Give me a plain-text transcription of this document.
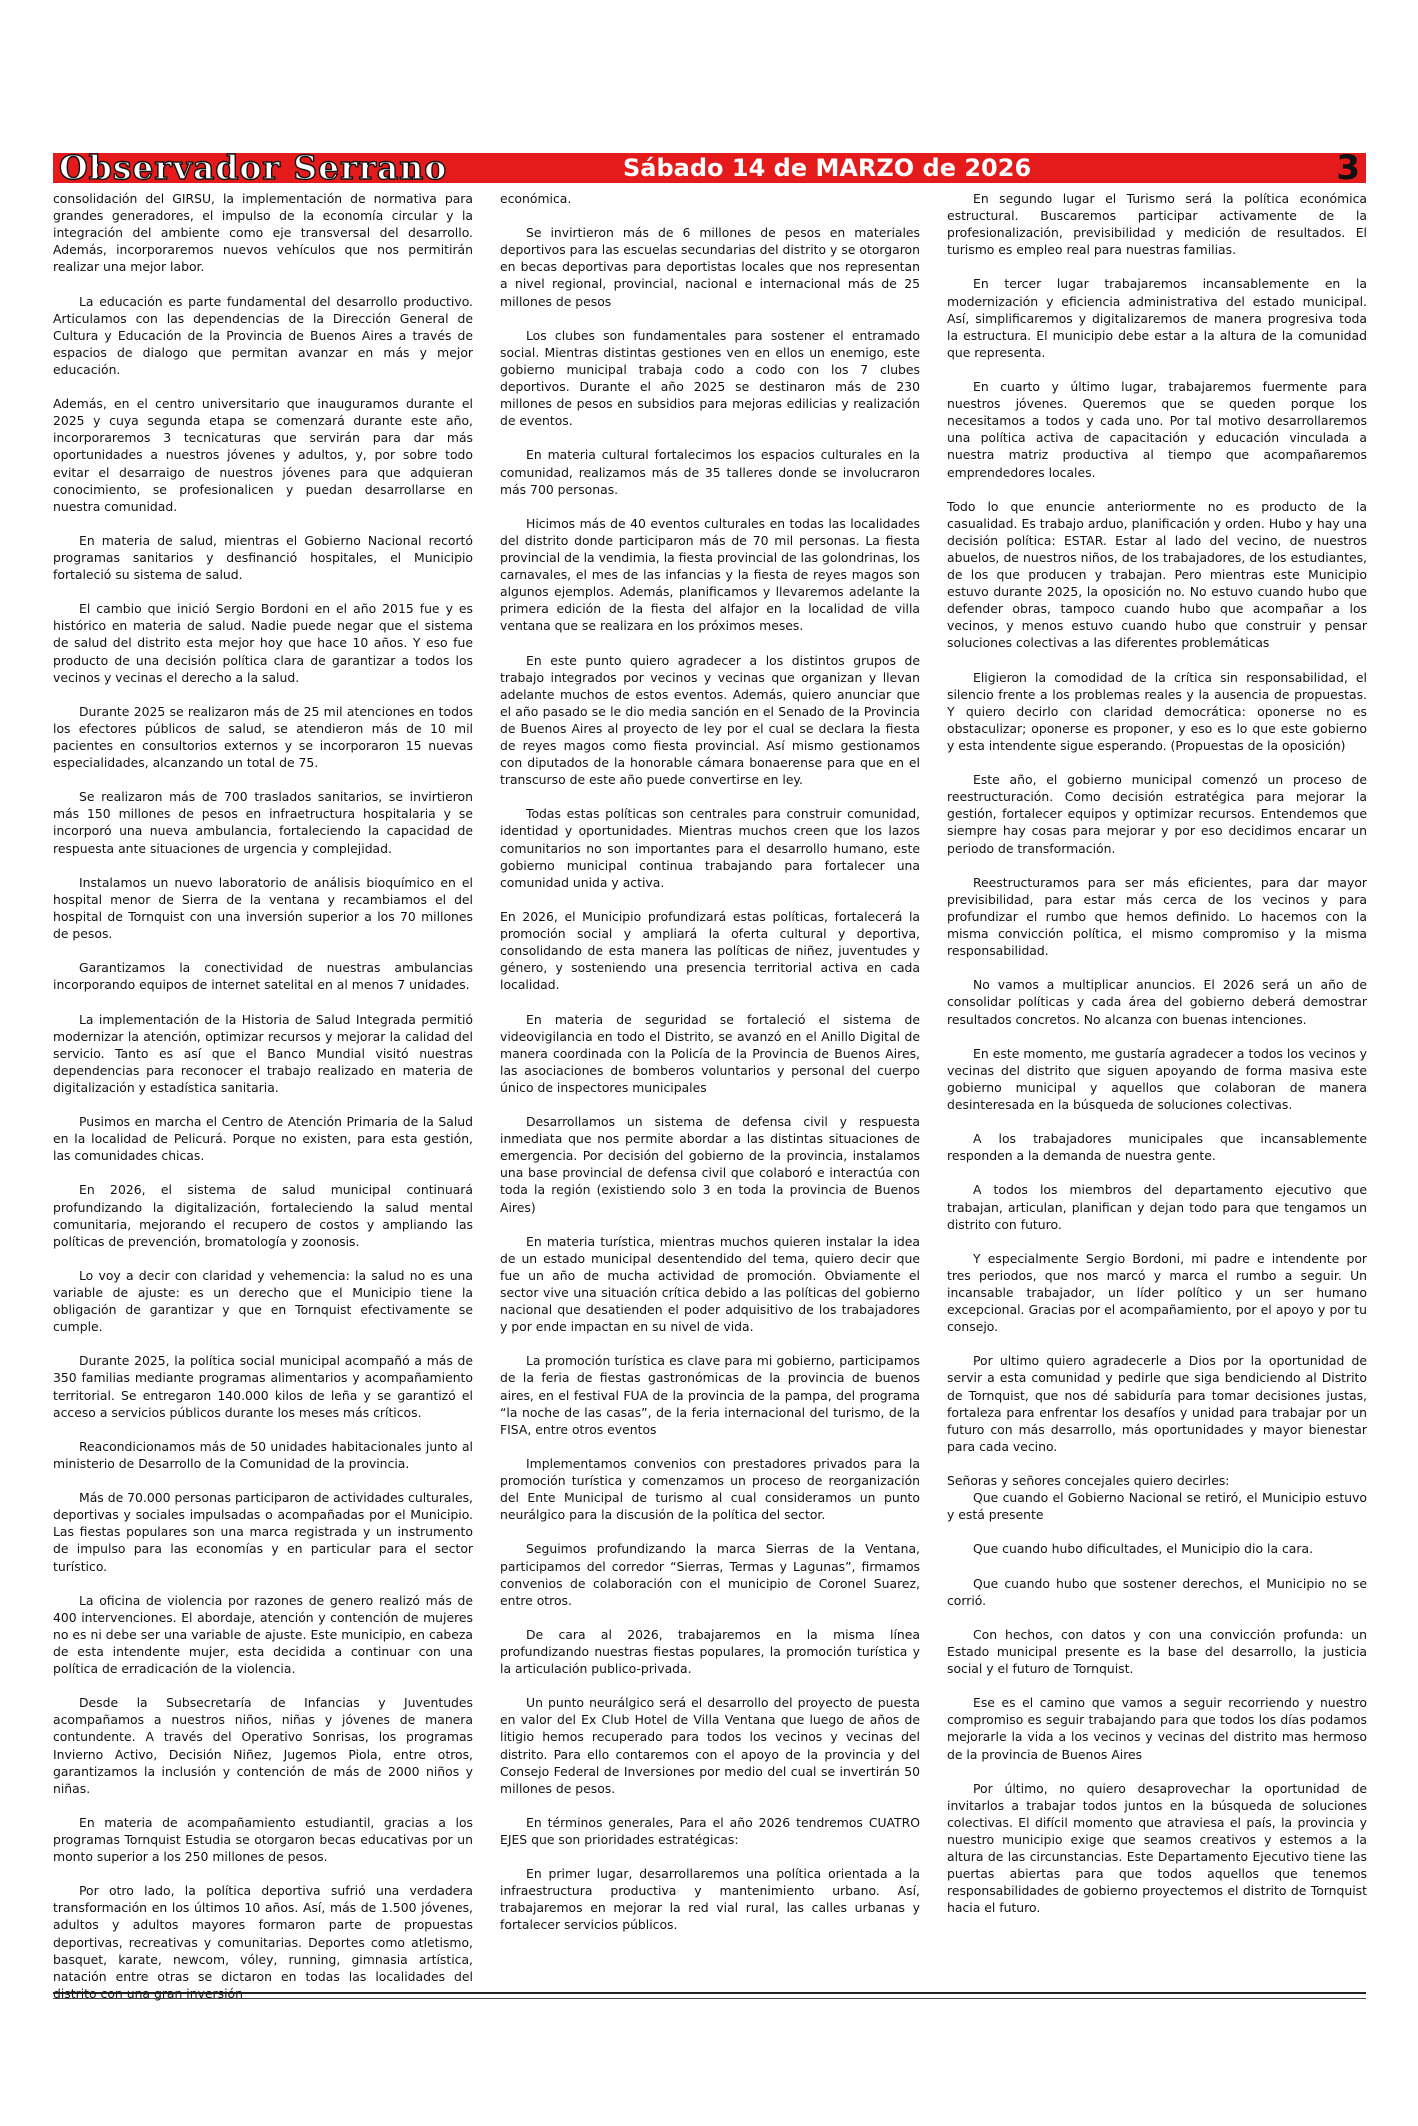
Observador Serrano	Sábado 14 de MARZO de 2026	3

consolidación del GIRSU, la implementación de normativa para grandes generadores, el impulso de la economía circular y la integración del ambiente como eje transversal del desarrollo. Además, incorporaremos nuevos vehículos que nos permitirán realizar una mejor labor.

La educación es parte fundamental del desarrollo productivo. Articulamos con las dependencias de la Dirección General de Cultura y Educación de la Provincia de Buenos Aires a través de espacios de dialogo que permitan avanzar en más y mejor educación.

Además, en el centro universitario que inauguramos durante el 2025 y cuya segunda etapa se comenzará durante este año, incorporaremos 3 tecnicaturas que servirán para dar más oportunidades a nuestros jóvenes y adultos, y, por sobre todo evitar el desarraigo de nuestros jóvenes para que adquieran conocimiento, se profesionalicen y puedan desarrollarse en nuestra comunidad.

En materia de salud, mientras el Gobierno Nacional recortó programas sanitarios y desfinanció hospitales, el Municipio fortaleció su sistema de salud.

El cambio que inició Sergio Bordoni en el año 2015 fue y es histórico en materia de salud. Nadie puede negar que el sistema de salud del distrito esta mejor hoy que hace 10 años. Y eso fue producto de una decisión política clara de garantizar a todos los vecinos y vecinas el derecho a la salud.

Durante 2025 se realizaron más de 25 mil atenciones en todos los efectores públicos de salud, se atendieron más de 10 mil pacientes en consultorios externos y se incorporaron 15 nuevas especialidades, alcanzando un total de 75.

Se realizaron más de 700 traslados sanitarios, se invirtieron más 150 millones de pesos en infraetructura hospitalaria y se incorporó una nueva ambulancia, fortaleciendo la capacidad de respuesta ante situaciones de urgencia y complejidad.

Instalamos un nuevo laboratorio de análisis bioquímico en el hospital menor de Sierra de la ventana y recambiamos el del hospital de Tornquist con una inversión superior a los 70 millones de pesos.

Garantizamos la conectividad de nuestras ambulancias incorporando equipos de internet satelital en al menos 7 unidades.

La implementación de la Historia de Salud Integrada permitió modernizar la atención, optimizar recursos y mejorar la calidad del servicio. Tanto es así que el Banco Mundial visitó nuestras dependencias para reconocer el trabajo realizado en materia de digitalización y estadística sanitaria.

Pusimos en marcha el Centro de Atención Primaria de la Salud en la localidad de Pelicurá. Porque no existen, para esta gestión, las comunidades chicas.

En 2026, el sistema de salud municipal continuará profundizando la digitalización, fortaleciendo la salud mental comunitaria, mejorando el recupero de costos y ampliando las políticas de prevención, bromatología y zoonosis.

Lo voy a decir con claridad y vehemencia: la salud no es una variable de ajuste: es un derecho que el Municipio tiene la obligación de garantizar y que en Tornquist efectivamente se cumple.

Durante 2025, la política social municipal acompañó a más de 350 familias mediante programas alimentarios y acompañamiento territorial. Se entregaron 140.000 kilos de leña y se garantizó el acceso a servicios públicos durante los meses más críticos.

Reacondicionamos más de 50 unidades habitacionales junto al ministerio de Desarrollo de la Comunidad de la provincia.

Más de 70.000 personas participaron de actividades culturales, deportivas y sociales impulsadas o acompañadas por el Municipio. Las fiestas populares son una marca registrada y un instrumento de impulso para las economías y en particular para el sector turístico.

La oficina de violencia por razones de genero realizó más de 400 intervenciones. El abordaje, atención y contención de mujeres no es ni debe ser una variable de ajuste. Este municipio, en cabeza de esta intendente mujer, esta decidida a continuar con una política de erradicación de la violencia.

Desde la Subsecretaría de Infancias y Juventudes acompañamos a nuestros niños, niñas y jóvenes de manera contundente. A través del Operativo Sonrisas, los programas Invierno Activo, Decisión Niñez, Jugemos Piola, entre otros, garantizamos la inclusión y contención de más de 2000 niños y niñas.

En materia de acompañamiento estudiantil, gracias a los programas Tornquist Estudia se otorgaron becas educativas por un monto superior a los 250 millones de pesos.

Por otro lado, la política deportiva sufrió una verdadera transformación en los últimos 10 años. Así, más de 1.500 jóvenes, adultos y adultos mayores formaron parte de propuestas deportivas, recreativas y comunitarias. Deportes como atletismo, basquet, karate, newcom, vóley, running, gimnasia artística, natación entre otras se dictaron en todas las localidades del distrito con una gran inversión

económica.

Se invirtieron más de 6 millones de pesos en materiales deportivos para las escuelas secundarias del distrito y se otorgaron en becas deportivas para deportistas locales que nos representan a nivel regional, provincial, nacional e internacional más de 25 millones de pesos

Los clubes son fundamentales para sostener el entramado social. Mientras distintas gestiones ven en ellos un enemigo, este gobierno municipal trabaja codo a codo con los 7 clubes deportivos. Durante el año 2025 se destinaron más de 230 millones de pesos en subsidios para mejoras edilicias y realización de eventos.

En materia cultural fortalecimos los espacios culturales en la comunidad, realizamos más de 35 talleres donde se involucraron más 700 personas.

Hicimos más de 40 eventos culturales en todas las localidades del distrito donde participaron más de 70 mil personas. La fiesta provincial de la vendimia, la fiesta provincial de las golondrinas, los carnavales, el mes de las infancias y la fiesta de reyes magos son algunos ejemplos. Además, planificamos y llevaremos adelante la primera edición de la fiesta del alfajor en la localidad de villa ventana que se realizara en los próximos meses.

En este punto quiero agradecer a los distintos grupos de trabajo integrados por vecinos y vecinas que organizan y llevan adelante muchos de estos eventos. Además, quiero anunciar que el año pasado se le dio media sanción en el Senado de la Provincia de Buenos Aires al proyecto de ley por el cual se declara la fiesta de reyes magos como fiesta provincial. Así mismo gestionamos con diputados de la honorable cámara bonaerense para que en el transcurso de este año puede convertirse en ley.

Todas estas políticas son centrales para construir comunidad, identidad y oportunidades. Mientras muchos creen que los lazos comunitarios no son importantes para el desarrollo humano, este gobierno municipal continua trabajando para fortalecer una comunidad unida y activa.

En 2026, el Municipio profundizará estas políticas, fortalecerá la promoción social y ampliará la oferta cultural y deportiva, consolidando de esta manera las políticas de niñez, juventudes y género, y sosteniendo una presencia territorial activa en cada localidad.

En materia de seguridad se fortaleció el sistema de videovigilancia en todo el Distrito, se avanzó en el Anillo Digital de manera coordinada con la Policía de la Provincia de Buenos Aires, las asociaciones de bomberos voluntarios y personal del cuerpo único de inspectores municipales

Desarrollamos un sistema de defensa civil y respuesta inmediata que nos permite abordar a las distintas situaciones de emergencia. Por decisión del gobierno de la provincia, instalamos una base provincial de defensa civil que colaboró e interactúa con toda la región (existiendo solo 3 en toda la provincia de Buenos Aires)

En materia turística, mientras muchos quieren instalar la idea de un estado municipal desentendido del tema, quiero decir que fue un año de mucha actividad de promoción. Obviamente el sector vive una situación crítica debido a las políticas del gobierno nacional que desatienden el poder adquisitivo de los trabajadores y por ende impactan en su nivel de vida.

La promoción turística es clave para mi gobierno, participamos de la feria de fiestas gastronómicas de la provincia de buenos aires, en el festival FUA de la provincia de la pampa, del programa “la noche de las casas”, de la feria internacional del turismo, de la FISA, entre otros eventos

Implementamos convenios con prestadores privados para la promoción turística y comenzamos un proceso de reorganización del Ente Municipal de turismo al cual consideramos un punto neurálgico para la discusión de la política del sector.

Seguimos profundizando la marca Sierras de la Ventana, participamos del corredor “Sierras, Termas y Lagunas”, firmamos convenios de colaboración con el municipio de Coronel Suarez, entre otros.

De cara al 2026, trabajaremos en la misma línea profundizando nuestras fiestas populares, la promoción turística y la articulación publico-privada.

Un punto neurálgico será el desarrollo del proyecto de puesta en valor del Ex Club Hotel de Villa Ventana que luego de años de litigio hemos recuperado para todos los vecinos y vecinas del distrito. Para ello contaremos con el apoyo de la provincia y del Consejo Federal de Inversiones por medio del cual se invertirán 50 millones de pesos.

En términos generales, Para el año 2026 tendremos CUATRO EJES que son prioridades estratégicas:

En primer lugar, desarrollaremos una política orientada a la infraestructura productiva y mantenimiento urbano. Así, trabajaremos en mejorar la red vial rural, las calles urbanas y fortalecer servicios públicos.

En segundo lugar el Turismo será la política económica estructural. Buscaremos participar activamente de la profesionalización, previsibilidad y medición de resultados. El turismo es empleo real para nuestras familias.

En tercer lugar trabajaremos incansablemente en la modernización y eficiencia administrativa del estado municipal. Así, simplificaremos y digitalizaremos de manera progresiva toda la estructura. El municipio debe estar a la altura de la comunidad que representa.

En cuarto y último lugar, trabajaremos fuermente para nuestros jóvenes. Queremos que se queden porque los necesitamos a todos y cada uno. Por tal motivo desarrollaremos una política activa de capacitación y educación vinculada a nuestra matriz productiva al tiempo que acompañaremos emprendedores locales.

Todo lo que enuncie anteriormente no es producto de la casualidad. Es trabajo arduo, planificación y orden. Hubo y hay una decisión política: ESTAR. Estar al lado del vecino, de nuestros abuelos, de nuestros niños, de los trabajadores, de los estudiantes, de los que producen y trabajan. Pero mientras este Municipio estuvo durante 2025, la oposición no. No estuvo cuando hubo que defender obras, tampoco cuando hubo que acompañar a los vecinos, y menos estuvo cuando hubo que construir y pensar soluciones colectivas a las diferentes problemáticas

Eligieron la comodidad de la crítica sin responsabilidad, el silencio frente a los problemas reales y la ausencia de propuestas. Y quiero decirlo con claridad democrática: oponerse no es obstaculizar; oponerse es proponer, y eso es lo que este gobierno y esta intendente sigue esperando. (Propuestas de la oposición)

Este año, el gobierno municipal comenzó un proceso de reestructuración. Como decisión estratégica para mejorar la gestión, fortalecer equipos y optimizar recursos. Entendemos que siempre hay cosas para mejorar y por eso decidimos encarar un periodo de transformación.

Reestructuramos para ser más eficientes, para dar mayor previsibilidad, para estar más cerca de los vecinos y para profundizar el rumbo que hemos definido. Lo hacemos con la misma convicción política, el mismo compromiso y la misma responsabilidad.

No vamos a multiplicar anuncios. El 2026 será un año de consolidar políticas y cada área del gobierno deberá demostrar resultados concretos. No alcanza con buenas intenciones.

En este momento, me gustaría agradecer a todos los vecinos y vecinas del distrito que siguen apoyando de forma masiva este gobierno municipal y aquellos que colaboran de manera desinteresada en la búsqueda de soluciones colectivas.

A los trabajadores municipales que incansablemente responden a la demanda de nuestra gente.

A todos los miembros del departamento ejecutivo que trabajan, articulan, planifican y dejan todo para que tengamos un distrito con futuro.

Y especialmente Sergio Bordoni, mi padre e intendente por tres periodos, que nos marcó y marca el rumbo a seguir. Un incansable trabajador, un líder político y un ser humano excepcional. Gracias por el acompañamiento, por el apoyo y por tu consejo.

Por ultimo quiero agradecerle a Dios por la oportunidad de servir a esta comunidad y pedirle que siga bendiciendo al Distrito de Tornquist, que nos dé sabiduría para tomar decisiones justas, fortaleza para enfrentar los desafíos y unidad para trabajar por un futuro con más desarrollo, más oportunidades y mayor bienestar para cada vecino.

Señoras y señores concejales quiero decirles:

Que cuando el Gobierno Nacional se retiró, el Municipio estuvo y está presente

Que cuando hubo dificultades, el Municipio dio la cara.

Que cuando hubo que sostener derechos, el Municipio no se corrió.

Con hechos, con datos y con una convicción profunda: un Estado municipal presente es la base del desarrollo, la justicia social y el futuro de Tornquist.

Ese es el camino que vamos a seguir recorriendo y nuestro compromiso es seguir trabajando para que todos los días podamos mejorarle la vida a los vecinos y vecinas del distrito mas hermoso de la provincia de Buenos Aires

Por último, no quiero desaprovechar la oportunidad de invitarlos a trabajar todos juntos en la búsqueda de soluciones colectivas. El difícil momento que atraviesa el país, la provincia y nuestro municipio exige que seamos creativos y estemos a la altura de las circunstancias. Este Departamento Ejecutivo tiene las puertas abiertas para que todos aquellos que tenemos responsabilidades de gobierno proyectemos el distrito de Tornquist hacia el futuro.
